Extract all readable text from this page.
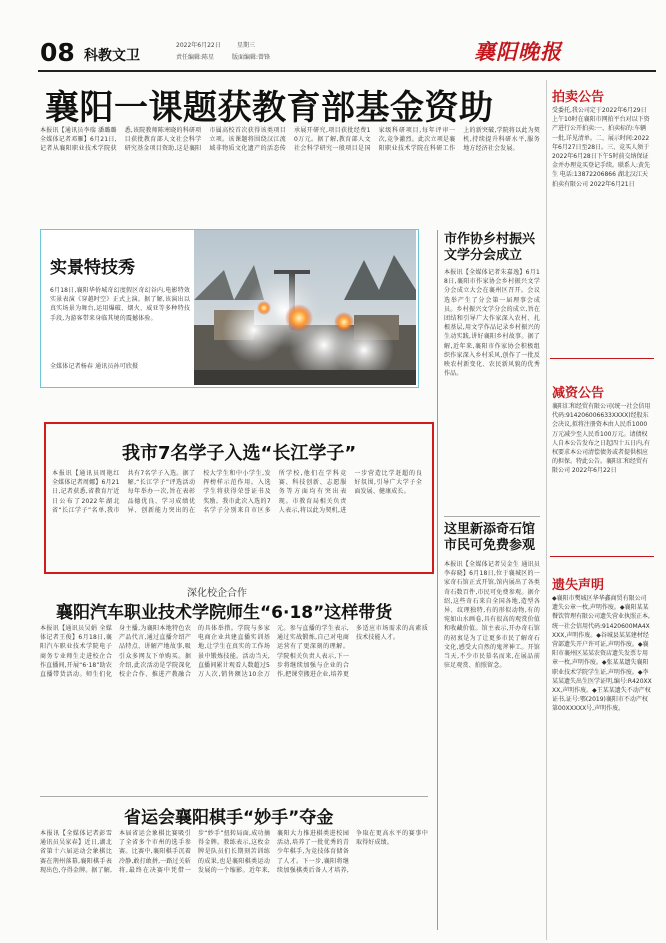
08 科教文卫
2022年6月22日	星期三
责任编辑:陈星	版面编辑:曾锋	襄阳晚报
襄阳一课题获教育部基金资助
本报讯【通讯员李瑞 潘璐璐 全媒体记者邓雁】6月21日,记者从襄阳职业技术学院获悉,该院教师陈寒晓的科研项目获批教育部人文社会科学研究基金项目资助,这是襄阳市属高校首次获得该类项目立项。该课题将围绕汉江流域非物质文化遗产的活态传承展开研究,项目获批经费10万元。据了解,教育部人文社会科学研究一般项目是国家级科研项目,每年评审一次,竞争激烈。此次立项是襄阳职业技术学院在科研工作上的新突破,学院将以此为契机,持续提升科研水平,服务地方经济社会发展。
实景特技秀
6月18日,襄阳华侨城奇幻度假区奇幻谷内,电影特效实景表演《穿越时空》正式上演。据了解,该演出以真实场景为舞台,运用爆破、烟火、威亚等多种特技手段,为游客带来身临其境的震撼体验。
全媒体记者杨春 通讯员孙可欣摄
我市7名学子入选“长江学子”
本报讯【通讯员周艳红 全媒体记者周娜】6月21日,记者获悉,省教育厅近日公布了2022年湖北省“长江学子”名单,我市共有7名学子入选。据了解,“长江学子”评选活动每年举办一次,旨在表彰品德优良、学习成绩优异、创新能力突出的在校大学生和中小学生,发挥榜样示范作用。入选学生将获得荣誉证书及奖励。我市此次入选的7名学子分别来自市区多所学校,他们在学科竞赛、科技创新、志愿服务等方面均有突出表现。市教育局相关负责人表示,将以此为契机,进一步营造比学赶超的良好氛围,引导广大学子全面发展、健康成长。
深化校企合作
襄阳汽车职业技术学院师生“6·18”这样带货
本报讯【通讯员吴娟 全媒体记者王俊】6月18日,襄阳汽车职业技术学院电子商务专业师生走进校企合作直播间,开展“6·18”助农直播带货活动。师生们化身主播,为襄阳本地特色农产品代言,通过直播介绍产品特点、讲解产地故事,吸引众多网友下单购买。据介绍,此次活动是学院深化校企合作、推进产教融合的具体举措。学院与多家电商企业共建直播实训基地,让学生在真实的工作场景中锻炼技能。活动当天,直播间累计观看人数超过5万人次,销售额达10余万元。参与直播的学生表示,通过实战锻炼,自己对电商运营有了更深刻的理解。学院相关负责人表示,下一步将继续加强与企业的合作,把课堂搬进企业,培养更多适应市场需求的高素质技术技能人才。
省运会襄阳棋手“妙手”夺金
本报讯【全媒体记者彭雪 通讯员吴家春】近日,湖北省第十六届运动会象棋比赛在荆州落幕,襄阳棋手表现出色,夺得金牌。据了解,本届省运会象棋比赛吸引了全省多个市州的选手参赛。比赛中,襄阳棋手沉着冷静,敢打敢拼,一路过关斩将,最终在决赛中凭借一步“妙手”扭转局面,成功摘得金牌。教练表示,这枚金牌是队员们长期刻苦训练的成果,也是襄阳棋类运动发展的一个缩影。近年来,襄阳大力推进棋类进校园活动,培养了一批优秀的青少年棋手,为竞技体育储备了人才。下一步,襄阳将继续加强棋类后备人才培养,争取在更高水平的赛事中取得好成绩。
市作协乡村振兴文学分会成立
本报讯【全媒体记者朱嘉逸】6月18日,襄阳市作家协会乡村振兴文学分会成立大会在襄州区召开。会议选举产生了分会第一届理事会成员。乡村振兴文学分会的成立,旨在团结和引导广大作家深入农村、扎根基层,用文学作品记录乡村振兴的生动实践,讲好襄阳乡村故事。据了解,近年来,襄阳市作家协会积极组织作家深入乡村采风,创作了一批反映农村新变化、农民新风貌的优秀作品。
这里新添奇石馆市民可免费参观
本报讯【全媒体记者吴金生 通讯员李春晓】6月18日,位于襄城区的一家奇石馆正式开馆,馆内展出了各类奇石数百件,市民可免费参观。据介绍,这些奇石来自全国各地,造型各异、纹理独特,有的形似动物,有的宛如山水画卷,具有很高的观赏价值和收藏价值。馆主表示,开办奇石馆的初衷是为了让更多市民了解奇石文化,感受大自然的鬼斧神工。开馆当天,不少市民慕名而来,在展品前驻足观赏、拍照留念。
拍卖公告
受委托,我公司定于2022年6月29日上午10时在襄阳市网拍平台对以下资产进行公开拍卖:一、拍卖标的:车辆一批,详见清单。二、展示时间:2022年6月27日至28日。三、竞买人须于2022年6月28日下午5时前交纳保证金并办理竞买登记手续。联系人:黄先生 电话:13872206866 湖北汉江天拍卖有限公司 2022年6月21日
减资公告
襄阳汇和经贸有限公司(统一社会信用代码:914206006633XXXX)经股东会决议,拟将注册资本由人民币1000万元减少至人民币100万元。请债权人自本公告发布之日起四十五日内,有权要求本公司清偿债务或者提供相应的担保。特此公告。襄阳汇和经贸有限公司 2022年6月22日
遗失声明
◆襄阳市樊城区华华鑫商贸有限公司遗失公章一枚,声明作废。◆襄阳某某餐饮管理有限公司遗失营业执照正本,统一社会信用代码:91420600MA4XXXX,声明作废。◆谷城县某某建材经营部遗失开户许可证,声明作废。◆襄阳市襄州区某某农资店遗失发票专用章一枚,声明作废。◆张某某遗失襄阳职业技术学院学生证,声明作废。◆李某某遗失出生医学证明,编号:R420XXXX,声明作废。◆王某某遗失不动产权证书,证号:鄂(2019)襄阳市不动产权第00XXXXX号,声明作废。
